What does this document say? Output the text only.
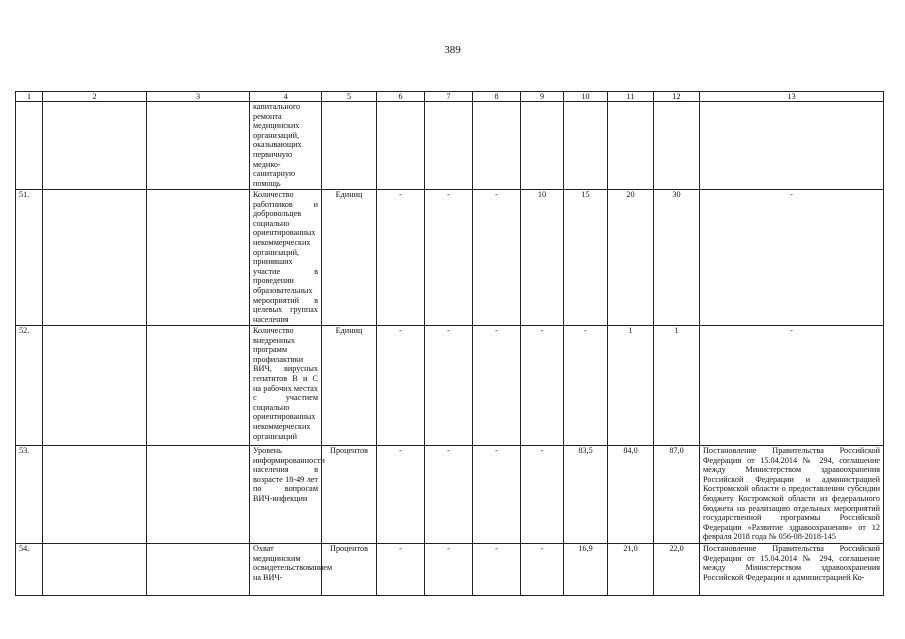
389
1	2	3	4	5	6	7	8	9	10	11	12	13
			капитального ремонта медицинских организаций, оказывающих первичную медико-санитарную помощь									
51.			Количество работников и добровольцев социально ориентированных некоммерческих организаций, принявших участие в проведении образовательных мероприятий в целевых группах населения	Единиц	-	-	-	10	15	20	30	-
52.			Количество внедренных программ профилактики ВИЧ, вирусных гепатитов В и С на рабочих местах с участием социально ориентированных некоммерческих организаций	Единиц	-	-	-	-	-	1	1	-
53.			Уровень информированности населения в возрасте 18-49 лет по вопросам ВИЧ-инфекции	Процентов	-	-	-	-	83,5	84,0	87,0	Постановление Правительства Российской Федерации от 15.04.2014 № 294, соглашение между Министерством здравоохранения Российской Федерации и администрацией Костромской области о предоставлении субсидии бюджету Костромской области из федерального бюджета на реализацию отдельных мероприятий государственной программы Российской Федерации «Развитие здравоохранения» от 12 февраля 2018 года № 056-08-2018-145
54.			Охват медицинским освидетельствованием на ВИЧ-	Процентов	-	-	-	-	16,9	21,0	22,0	Постановление Правительства Российской Федерации от 15.04.2014 № 294, соглашение между Министерством здравоохранения Российской Федерации и администрацией Ко-
